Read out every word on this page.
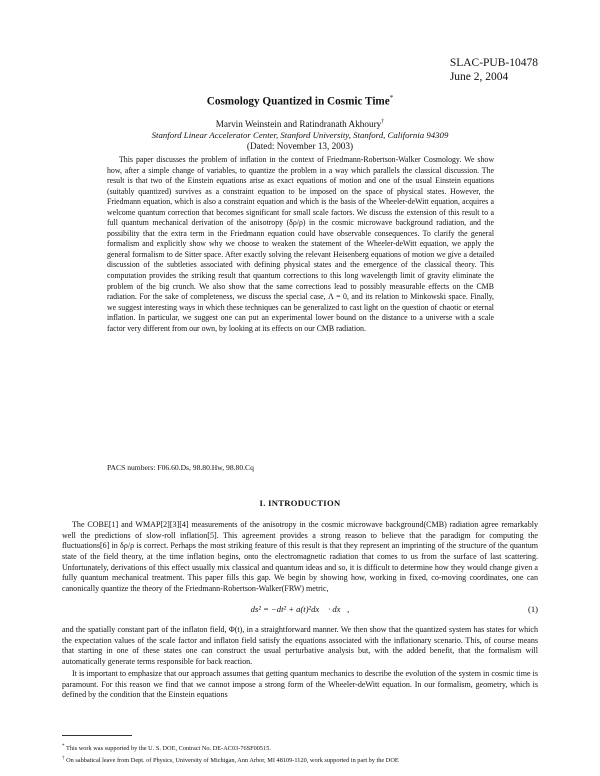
SLAC-PUB-10478
June 2, 2004
Cosmology Quantized in Cosmic Time*
Marvin Weinstein and Ratindranath Akhoury†
Stanford Linear Accelerator Center, Stanford University, Stanford, California 94309
(Dated: November 13, 2003)

This paper discusses the problem of inflation in the context of Friedmann-Robertson-Walker Cosmology. We show how, after a simple change of variables, to quantize the problem in a way which parallels the classical discussion. The result is that two of the Einstein equations arise as exact equations of motion and one of the usual Einstein equations (suitably quantized) survives as a constraint equation to be imposed on the space of physical states. However, the Friedmann equation, which is also a constraint equation and which is the basis of the Wheeler-deWitt equation, acquires a welcome quantum correction that becomes significant for small scale factors. We discuss the extension of this result to a full quantum mechanical derivation of the anisotropy (δρ/ρ) in the cosmic microwave background radiation, and the possibility that the extra term in the Friedmann equation could have observable consequences. To clarify the general formalism and explicitly show why we choose to weaken the statement of the Wheeler-deWitt equation, we apply the general formalism to de Sitter space. After exactly solving the relevant Heisenberg equations of motion we give a detailed discussion of the subtleties associated with defining physical states and the emergence of the classical theory. This computation provides the striking result that quantum corrections to this long wavelength limit of gravity eliminate the problem of the big crunch. We also show that the same corrections lead to possibly measurable effects on the CMB radiation. For the sake of completeness, we discuss the special case, Λ = 0, and its relation to Minkowski space. Finally, we suggest interesting ways in which these techniques can be generalized to cast light on the question of chaotic or eternal inflation. In particular, we suggest one can put an experimental lower bound on the distance to a universe with a scale factor very different from our own, by looking at its effects on our CMB radiation.

PACS numbers: F06.60.Ds, 98.80.Hw, 98.80.Cq

I. INTRODUCTION

The COBE[1] and WMAP[2][3][4] measurements of the anisotropy in the cosmic microwave background(CMB) radiation agree remarkably well the predictions of slow-roll inflation[5]. This agreement provides a strong reason to believe that the paradigm for computing the fluctuations[6] in δρ/ρ is correct. Perhaps the most striking feature of this result is that they represent an imprinting of the structure of the quantum state of the field theory, at the time inflation begins, onto the electromagnetic radiation that comes to us from the surface of last scattering. Unfortunately, derivations of this effect usually mix classical and quantum ideas and so, it is difficult to determine how they would change given a fully quantum mechanical treatment. This paper fills this gap. We begin by showing how, working in fixed, co-moving coordinates, one can canonically quantize the theory of the Friedmann-Robertson-Walker(FRW) metric,

ds² = −dt² + a(t)²dx⃗ · dx⃗,	(1)

and the spatially constant part of the inflaton field, Φ(t), in a straightforward manner. We then show that the quantized system has states for which the expectation values of the scale factor and inflaton field satisfy the equations associated with the inflationary scenario. This, of course means that starting in one of these states one can construct the usual perturbative analysis but, with the added benefit, that the formalism will automatically generate terms responsible for back reaction.

It is important to emphasize that our approach assumes that getting quantum mechanics to describe the evolution of the system in cosmic time is paramount. For this reason we find that we cannot impose a strong form of the Wheeler-deWitt equation. In our formalism, geometry, which is defined by the condition that the Einstein equations

* This work was supported by the U. S. DOE, Contract No. DE-AC03-76SF00515.
† On sabbatical leave from Dept. of Physics, University of Michigan, Ann Arbor, MI 48109-1120, work supported in part by the DOE
